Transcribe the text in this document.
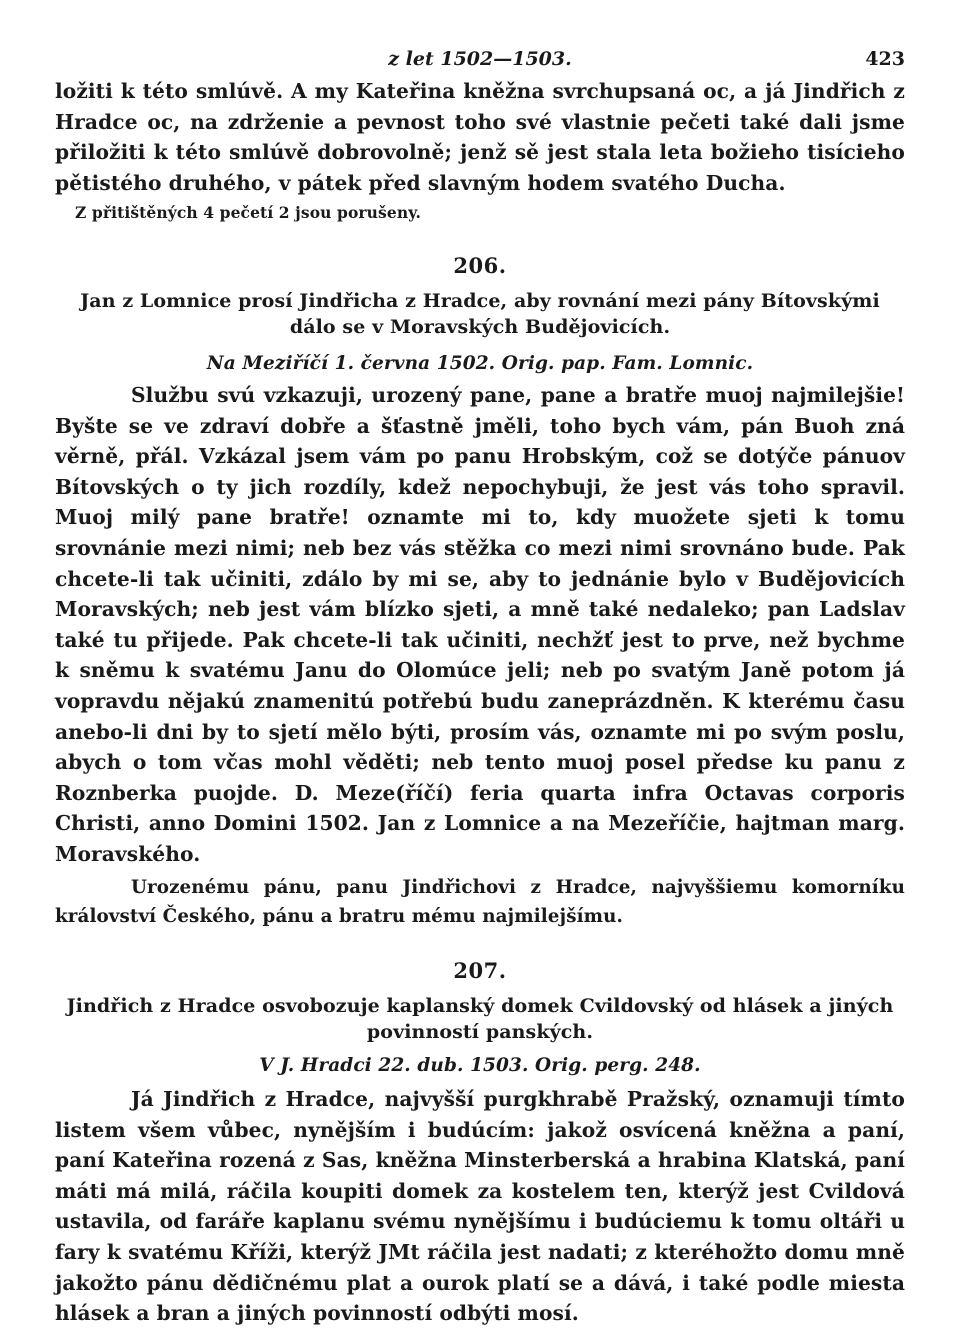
z let 1502—1503.	423

ložiti k této smlúvě. A my Kateřina kněžna svrchupsaná oc, a já Jindřich z Hradce oc, na zdrženie a pevnost toho své vlastnie pečeti také dali jsme přiložiti k této smlúvě dobrovolně; jenž sě jest stala leta božieho tisícieho pětistého druhého, v pátek před slavným hodem svatého Ducha.

Z přitištěných 4 pečetí 2 jsou porušeny.

206.

Jan z Lomnice prosí Jindřicha z Hradce, aby rovnání mezi pány Bítovskými dálo se v Moravských Budějovicích.

Na Meziříčí 1. června 1502. Orig. pap. Fam. Lomnic.

Službu svú vzkazuji, urozený pane, pane a bratře muoj najmilejšie! Byšte se ve zdraví dobře a šťastně jměli, toho bych vám, pán Buoh zná věrně, přál. Vzkázal jsem vám po panu Hrobským, což se dotýče pánuov Bítovských o ty jich rozdíly, kdež nepochybuji, že jest vás toho spravil. Muoj milý pane bratře! oznamte mi to, kdy muožete sjeti k tomu srovnánie mezi nimi; neb bez vás stěžka co mezi nimi srovnáno bude. Pak chcete-li tak učiniti, zdálo by mi se, aby to jednánie bylo v Budějovicích Moravských; neb jest vám blízko sjeti, a mně také nedaleko; pan Ladslav také tu přijede. Pak chcete-li tak učiniti, nechžť jest to prve, než bychme k sněmu k svatému Janu do Olomúce jeli; neb po svatým Janě potom já vopravdu nějakú znamenitú potřebú budu zaneprázdněn. K kterému času anebo-li dni by to sjetí mělo býti, prosím vás, oznamte mi po svým poslu, abych o tom včas mohl věděti; neb tento muoj posel předse ku panu z Roznberka puojde. D. Meze(říčí) feria quarta infra Octavas corporis Christi, anno Domini 1502. Jan z Lomnice a na Mezeříčie, hajtman marg. Moravského.

Urozenému pánu, panu Jindřichovi z Hradce, najvyššiemu komorníku království Českého, pánu a bratru mému najmilejšímu.

207.

Jindřich z Hradce osvobozuje kaplanský domek Cvildovský od hlásek a jiných povinností panských.

V J. Hradci 22. dub. 1503. Orig. perg. 248.

Já Jindřich z Hradce, najvyšší purgkhrabě Pražský, oznamuji tímto listem všem vůbec, nynějším i budúcím: jakož osvícená kněžna a paní, paní Kateřina rozená z Sas, kněžna Minsterberská a hrabina Klatská, paní máti má milá, ráčila koupiti domek za kostelem ten, kterýž jest Cvildová ustavila, od faráře kaplanu svému nynějšímu i budúciemu k tomu oltáři u fary k svatému Kříži, kterýž JMt ráčila jest nadati; z kteréhožto domu mně jakožto pánu dědičnému plat a ourok platí se a dává, i také podle miesta hlásek a bran a jiných povinností odbýti mosí.
